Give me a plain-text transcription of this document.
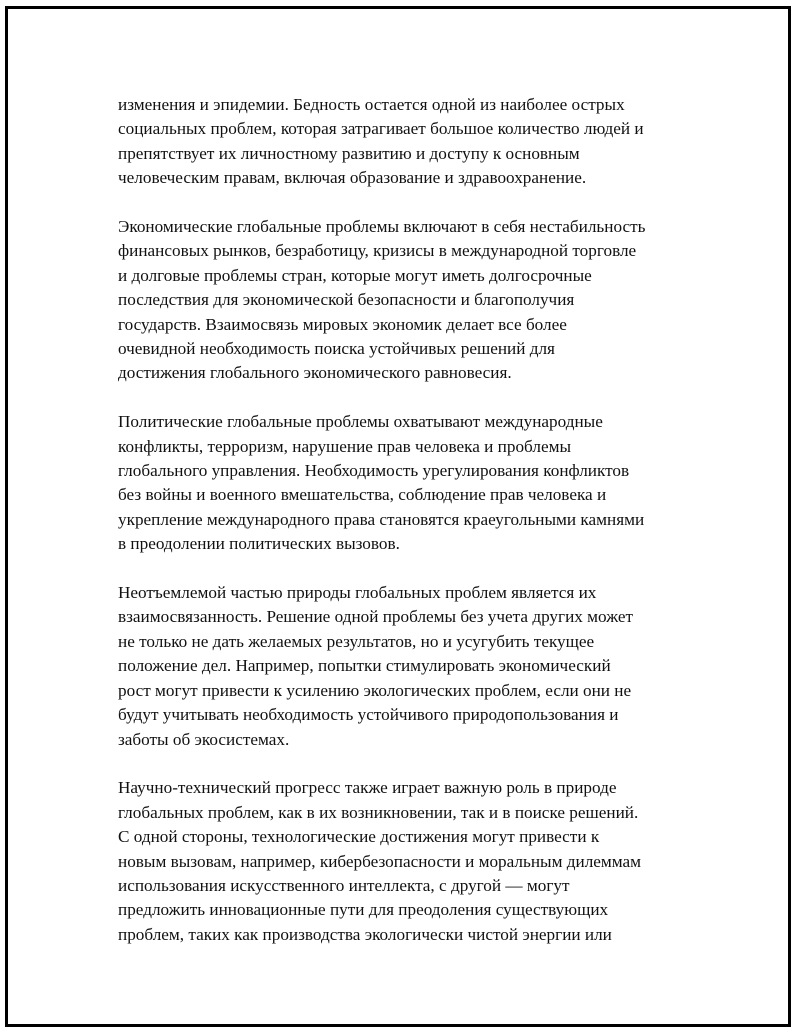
изменения и эпидемии. Бедность остается одной из наиболее острых
социальных проблем, которая затрагивает большое количество людей и
препятствует их личностному развитию и доступу к основным
человеческим правам, включая образование и здравоохранение.

Экономические глобальные проблемы включают в себя нестабильность
финансовых рынков, безработицу, кризисы в международной торговле
и долговые проблемы стран, которые могут иметь долгосрочные
последствия для экономической безопасности и благополучия
государств. Взаимосвязь мировых экономик делает все более
очевидной необходимость поиска устойчивых решений для
достижения глобального экономического равновесия.

Политические глобальные проблемы охватывают международные
конфликты, терроризм, нарушение прав человека и проблемы
глобального управления. Необходимость урегулирования конфликтов
без войны и военного вмешательства, соблюдение прав человека и
укрепление международного права становятся краеугольными камнями
в преодолении политических вызовов.

Неотъемлемой частью природы глобальных проблем является их
взаимосвязанность. Решение одной проблемы без учета других может
не только не дать желаемых результатов, но и усугубить текущее
положение дел. Например, попытки стимулировать экономический
рост могут привести к усилению экологических проблем, если они не
будут учитывать необходимость устойчивого природопользования и
заботы об экосистемах.

Научно-технический прогресс также играет важную роль в природе
глобальных проблем, как в их возникновении, так и в поиске решений.
С одной стороны, технологические достижения могут привести к
новым вызовам, например, кибербезопасности и моральным дилеммам
использования искусственного интеллекта, с другой — могут
предложить инновационные пути для преодоления существующих
проблем, таких как производства экологически чистой энергии или
